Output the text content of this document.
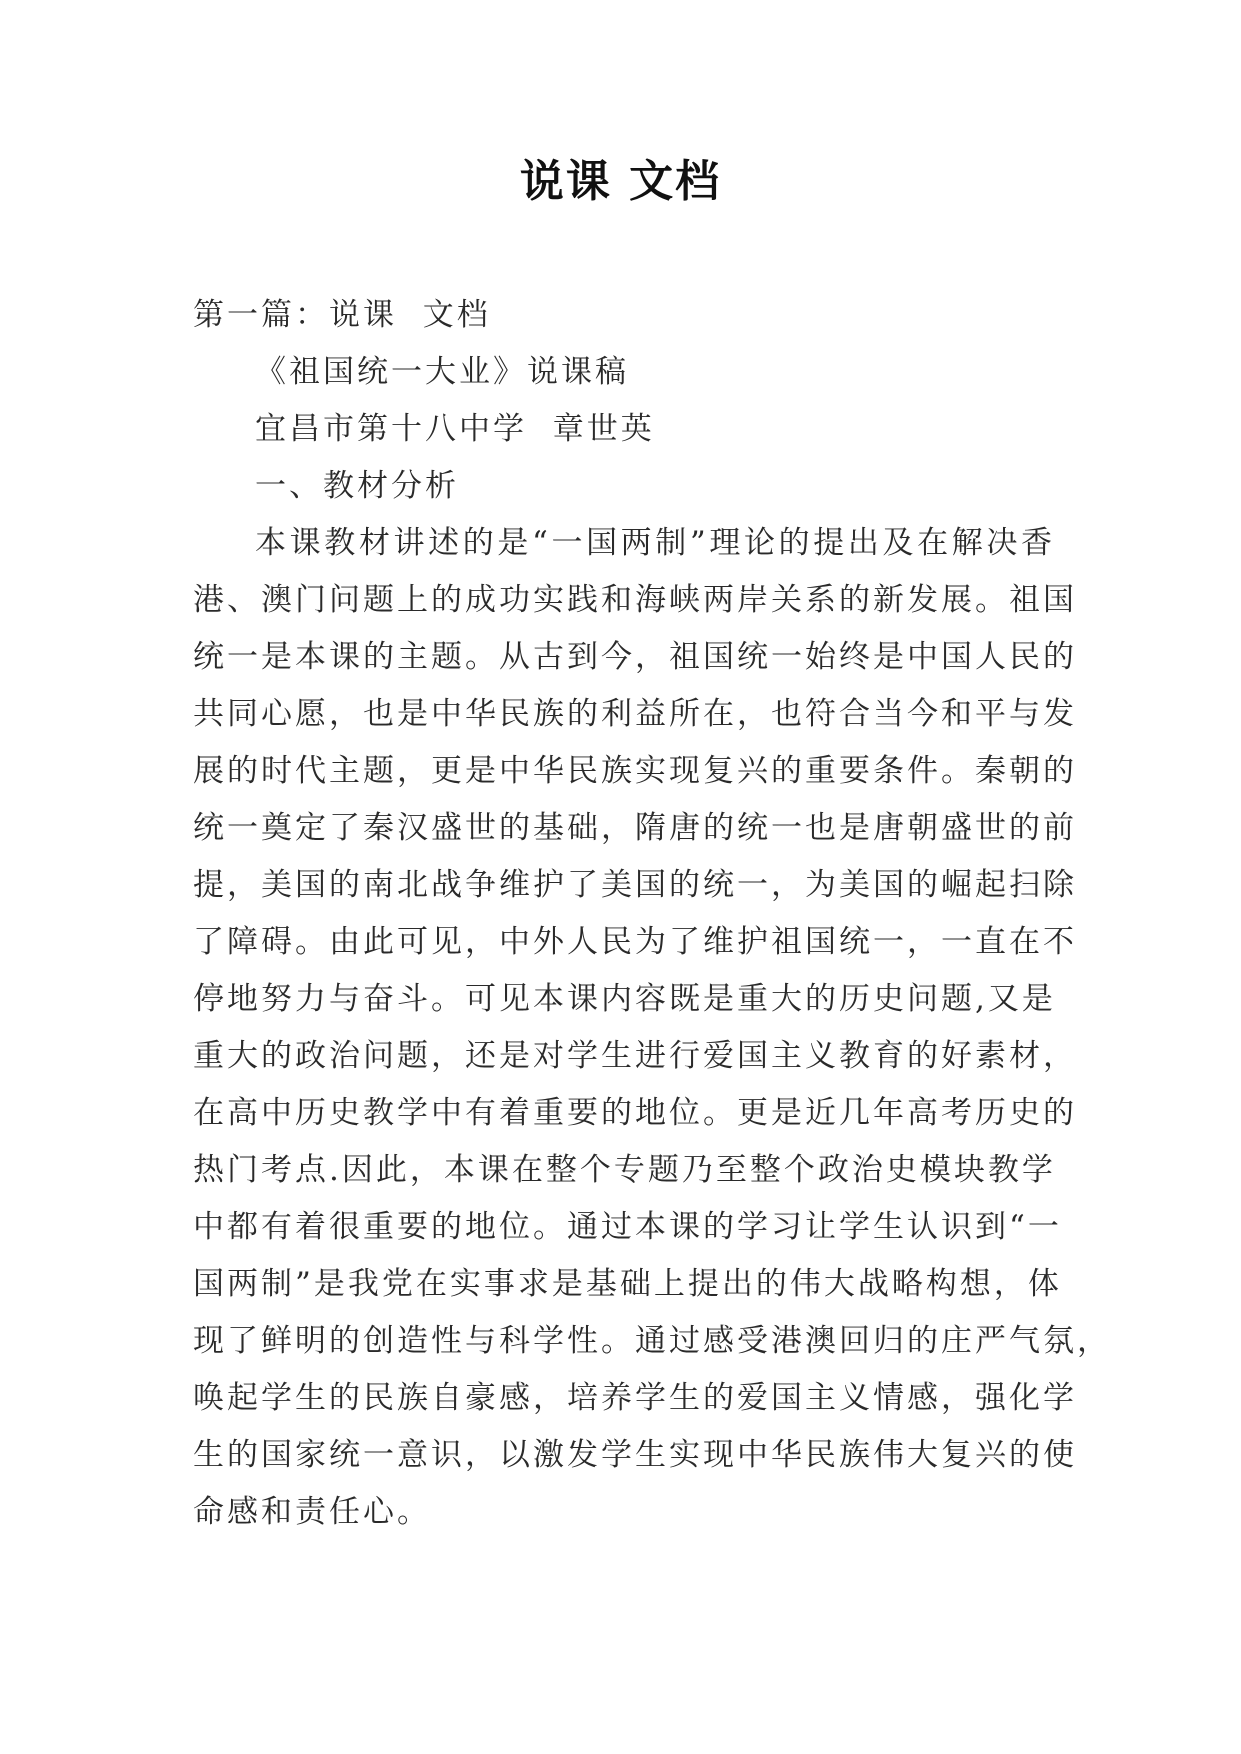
说课 文档
第一篇：说课  文档
《祖国统一大业》说课稿
宜昌市第十八中学  章世英
一、教材分析
本课教材讲述的是“一国两制”理论的提出及在解决香
港、澳门问题上的成功实践和海峡两岸关系的新发展。祖国
统一是本课的主题。从古到今，祖国统一始终是中国人民的
共同心愿，也是中华民族的利益所在，也符合当今和平与发
展的时代主题，更是中华民族实现复兴的重要条件。秦朝的
统一奠定了秦汉盛世的基础，隋唐的统一也是唐朝盛世的前
提，美国的南北战争维护了美国的统一，为美国的崛起扫除
了障碍。由此可见，中外人民为了维护祖国统一，一直在不
停地努力与奋斗。可见本课内容既是重大的历史问题,又是
重大的政治问题，还是对学生进行爱国主义教育的好素材，
在高中历史教学中有着重要的地位。更是近几年高考历史的
热门考点.因此，本课在整个专题乃至整个政治史模块教学
中都有着很重要的地位。通过本课的学习让学生认识到“一
国两制”是我党在实事求是基础上提出的伟大战略构想，体
现了鲜明的创造性与科学性。通过感受港澳回归的庄严气氛，
唤起学生的民族自豪感，培养学生的爱国主义情感，强化学
生的国家统一意识，以激发学生实现中华民族伟大复兴的使
命感和责任心。
